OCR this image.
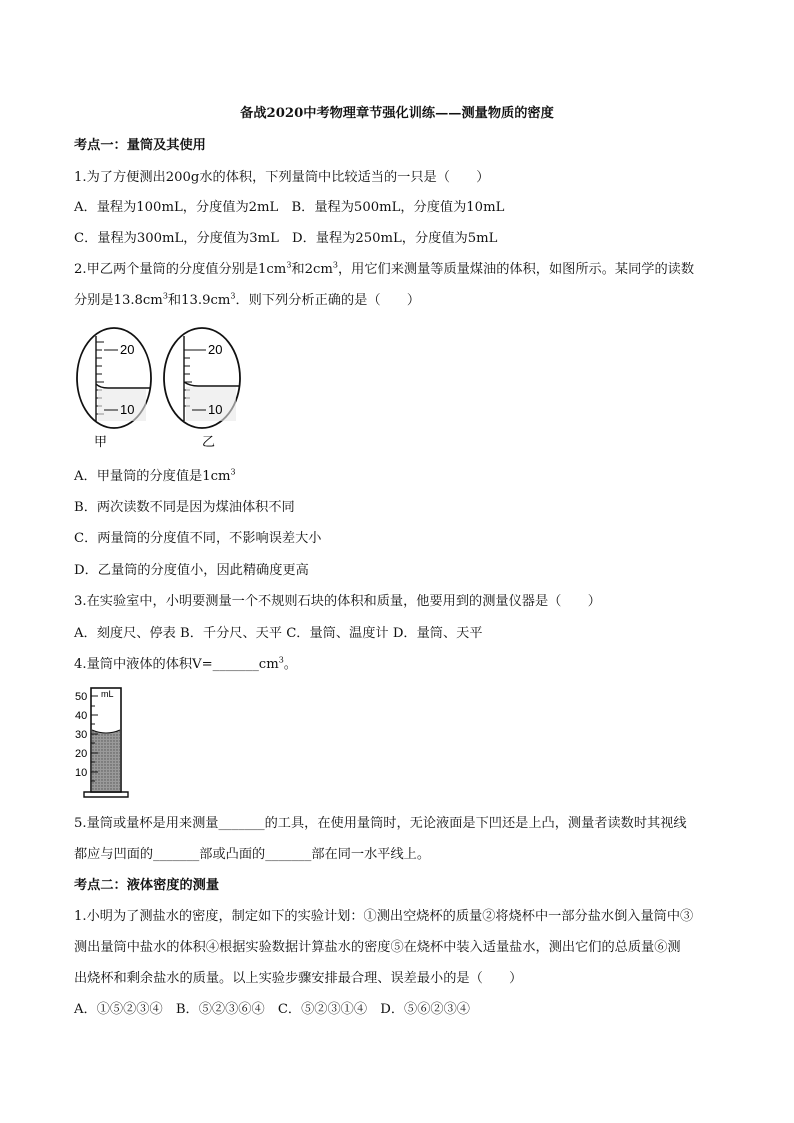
备战2020中考物理章节强化训练——测量物质的密度
考点一：量筒及其使用
1.为了方便测出200g水的体积，下列量筒中比较适当的一只是（　　）
A．量程为100mL，分度值为2mL　B．量程为500mL，分度值为10mL
C．量程为300mL，分度值为3mL　D．量程为250mL，分度值为5mL
2.甲乙两个量筒的分度值分别是$1cm^3$和$2cm^3$，用它们来测量等质量煤油的体积，如图所示。某同学的读数
分别是$13.8cm^3$和$13.9cm^3$．则下列分析正确的是（　　）
20
10
甲
20
10
乙
A．甲量筒的分度值是$1cm^3$
B．两次读数不同是因为煤油体积不同
C．两量筒的分度值不同，不影响误差大小
D．乙量筒的分度值小，因此精确度更高
3.在实验室中，小明要测量一个不规则石块的体积和质量，他要用到的测量仪器是（　　）
A．刻度尺、停表 B．千分尺、天平 C．量筒、温度计 D．量筒、天平
4.量筒中液体的体积$V=\_\_\_\_\_\_\_cm^3$。
mL
50
40
30
20
10
5.量筒或量杯是用来测量_______的工具，在使用量筒时，无论液面是下凹还是上凸，测量者读数时其视线
都应与凹面的_______部或凸面的_______部在同一水平线上。
考点二：液体密度的测量
1.小明为了测盐水的密度，制定如下的实验计划：①测出空烧杯的质量②将烧杯中一部分盐水倒入量筒中③
测出量筒中盐水的体积④根据实验数据计算盐水的密度⑤在烧杯中装入适量盐水，测出它们的总质量⑥测
出烧杯和剩余盐水的质量。以上实验步骤安排最合理、误差最小的是（　　）
A．①⑤②③④　B．⑤②③⑥④　C．⑤②③①④　D．⑤⑥②③④
